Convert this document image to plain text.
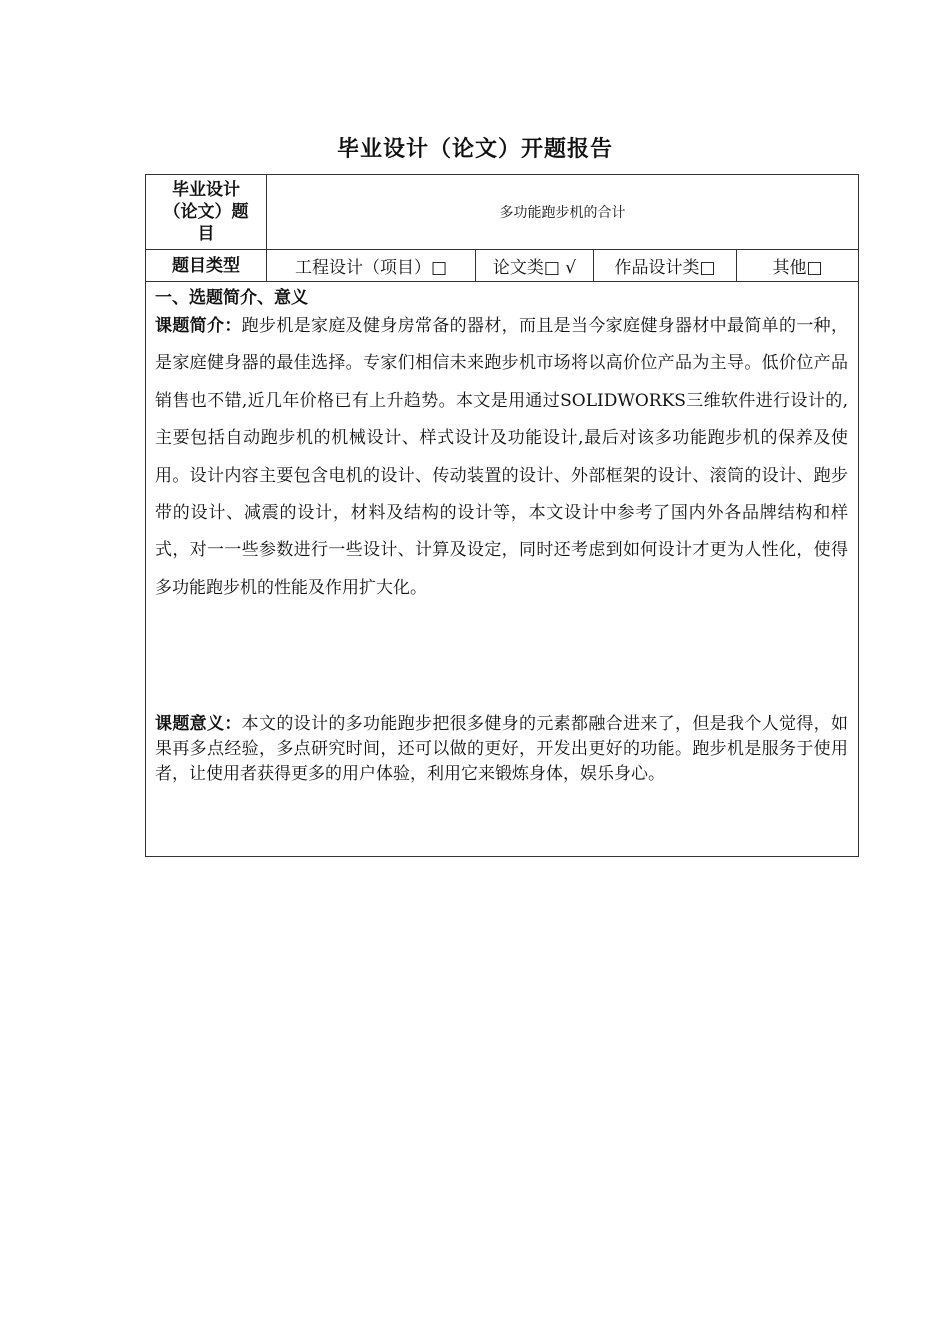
毕业设计（论文）开题报告
毕业设计（论文）题目	多功能跑步机的合计			
题目类型	工程设计（项目）□	论文类□ √	作品设计类□	其他□

一、选题简介、意义

课题简介：跑步机是家庭及健身房常备的器材，而且是当今家庭健身器材中最简单的一种，是家庭健身器的最佳选择。专家们相信未来跑步机市场将以高价位产品为主导。低价位产品销售也不错,近几年价格已有上升趋势。本文是用通过SOLIDWORKS三维软件进行设计的,主要包括自动跑步机的机械设计、样式设计及功能设计,最后对该多功能跑步机的保养及使用。设计内容主要包含电机的设计、传动装置的设计、外部框架的设计、滚筒的设计、跑步带的设计、减震的设计，材料及结构的设计等，本文设计中参考了国内外各品牌结构和样式，对一一些参数进行一些设计、计算及设定，同时还考虑到如何设计才更为人性化，使得多功能跑步机的性能及作用扩大化。

课题意义：本文的设计的多功能跑步把很多健身的元素都融合进来了，但是我个人觉得，如果再多点经验，多点研究时间，还可以做的更好，开发出更好的功能。跑步机是服务于使用者，让使用者获得更多的用户体验，利用它来锻炼身体，娱乐身心。				
